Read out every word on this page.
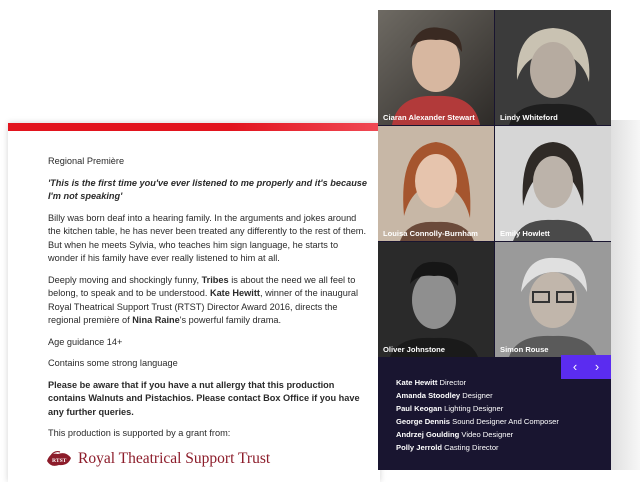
Regional Première

'This is the first time you've ever listened to me properly and it's because I'm not speaking'

Billy was born deaf into a hearing family. In the arguments and jokes around the kitchen table, he has never been treated any differently to the rest of them. But when he meets Sylvia, who teaches him sign language, he starts to wonder if his family have ever really listened to him at all.

Deeply moving and shockingly funny, Tribes is about the need we all feel to belong, to speak and to be understood. Kate Hewitt, winner of the inaugural Royal Theatrical Support Trust (RTST) Director Award 2016, directs the regional première of Nina Raine's powerful family drama.

Age guidance 14+

Contains some strong language

Please be aware that if you have a nut allergy that this production contains Walnuts and Pistachios. Please contact Box Office if you have any further queries.

This production is supported by a grant from:

RTST Royal Theatrical Support Trust
Ciaran Alexander Stewart	Lindy Whiteford
Louisa Connolly-Burnham	Emily Howlett
Oliver Johnstone	Simon Rouse
‹	›
Kate Hewitt Director
Amanda Stoodley Designer
Paul Keogan Lighting Designer
George Dennis Sound Designer And Composer
Andrzej Goulding Video Designer
Polly Jerrold Casting Director
